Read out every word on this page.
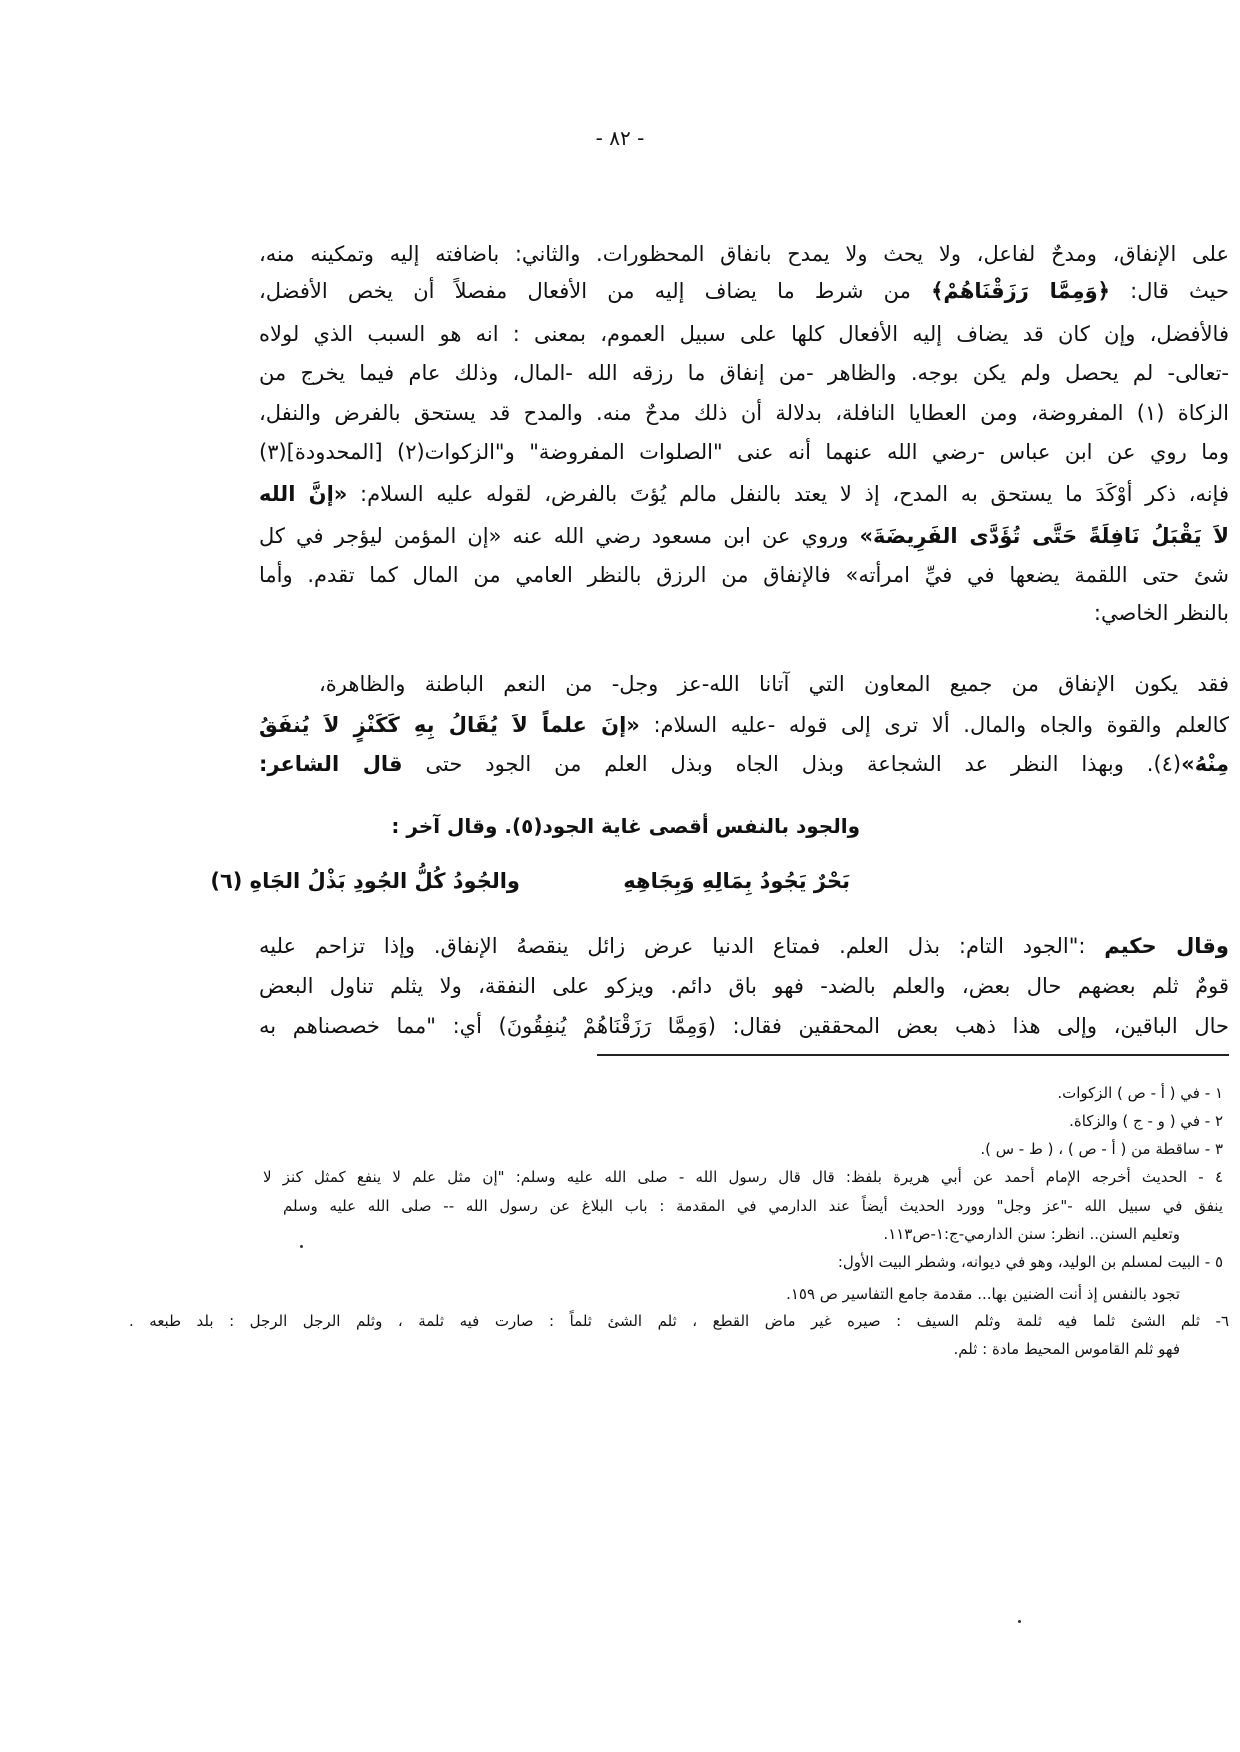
- ٨٢ -
على الإنفاق، ومدحٌ لفاعل، ولا يحث ولا يمدح بانفاق المحظورات. والثاني: باضافته إليه وتمكينه منه،
حيث قال: ﴿وَمِمَّا رَزَقْنَاهُمْ﴾ من شرط ما يضاف إليه من الأفعال مفصلاً أن يخص الأفضل،
فالأفضل، وإن كان قد يضاف إليه الأفعال كلها على سبيل العموم، بمعنى : انه هو السبب الذي لولاه
-تعالى- لم يحصل ولم يكن بوجه. والظاهر -من إنفاق ما رزقه الله -المال، وذلك عام فيما يخرج من
الزكاة (١) المفروضة، ومن العطايا النافلة، بدلالة أن ذلك مدحٌ منه. والمدح قد يستحق بالفرض والنفل،
وما روي عن ابن عباس -رضي الله عنهما أنه عنى "الصلوات المفروضة" و"الزكوات(٢) [المحدودة](٣)
فإنه، ذكر أوْكَدَ ما يستحق به المدح، إذ لا يعتد بالنفل مالم يُؤتَ بالفرض، لقوله عليه السلام: «إنَّ الله
لاَ يَقْبَلُ نَافِلَةً حَتَّى تُؤَدَّى الفَرِيضَةَ» وروي عن ابن مسعود رضي الله عنه «إن المؤمن ليؤجر في كل
شئ حتى اللقمة يضعها في فيِّ امرأته» فالإنفاق من الرزق بالنظر العامي من المال كما تقدم. وأما
بالنظر الخاصي:
فقد يكون الإنفاق من جميع المعاون التي آتانا الله-عز وجل- من النعم الباطنة والظاهرة،
كالعلم والقوة والجاه والمال. ألا ترى إلى قوله -عليه السلام: «إنَ علماً لاَ يُقَالُ بِهِ كَكَنْزٍ لاَ يُنفَقُ
مِنْهُ»(٤). وبهذا النظر عد الشجاعة وبذل الجاه وبذل العلم من الجود حتى قال الشاعر:
والجود بالنفس أقصى غاية الجود(٥). وقال آخر :
بَحْرٌ يَجُودُ بِمَالِهِ وَبِجَاهِهِ
والجُودُ كُلُّ الجُودِ بَذْلُ الجَاهِ (٦)
وقال حكيم :"الجود التام: بذل العلم. فمتاع الدنيا عرض زائل ينقصهُ الإنفاق. وإذا تزاحم عليه
قومٌ ثلم بعضهم حال بعض، والعلم بالضد- فهو باق دائم. ويزكو على النفقة، ولا يثلم تناول البعض
حال الباقين، وإلى هذا ذهب بعض المحققين فقال: (وَمِمَّا رَزَقْنَاهُمْ يُنفِقُونَ) أي: "مما خصصناهم به
١ - في ( أ - ص ) الزكوات.
٢ - في ( و - ج ) والزكاة.
٣ - ساقطة من ( أ - ص ) ، ( ط - س ).
٤ - الحديث أخرجه الإمام أحمد عن أبي هريرة بلفظ: قال قال رسول الله - صلى الله عليه وسلم: "إن مثل علم لا ينفع كمثل كنز لا
ينفق في سبيل الله -"عز وجل" وورد الحديث أيضاً عند الدارمي في المقدمة : باب البلاغ عن رسول الله -- صلى الله عليه وسلم
وتعليم السنن.. انظر: سنن الدارمي-ج:١-ص١١٣.
٥ - البيت لمسلم بن الوليد، وهو في ديوانه، وشطر البيت الأول:
تجود بالنفس إذ أنت الضنين بها... مقدمة جامع التفاسير ص ١٥٩.
٦- ثلم الشئ ثلما فيه ثلمة وثلم السيف : صيره غير ماض القطع ، ثلم الشئ ثلماً : صارت فيه ثلمة ، وثلم الرجل الرجل : بلد طبعه .
فهو ثلم القاموس المحيط مادة : ثلم.
